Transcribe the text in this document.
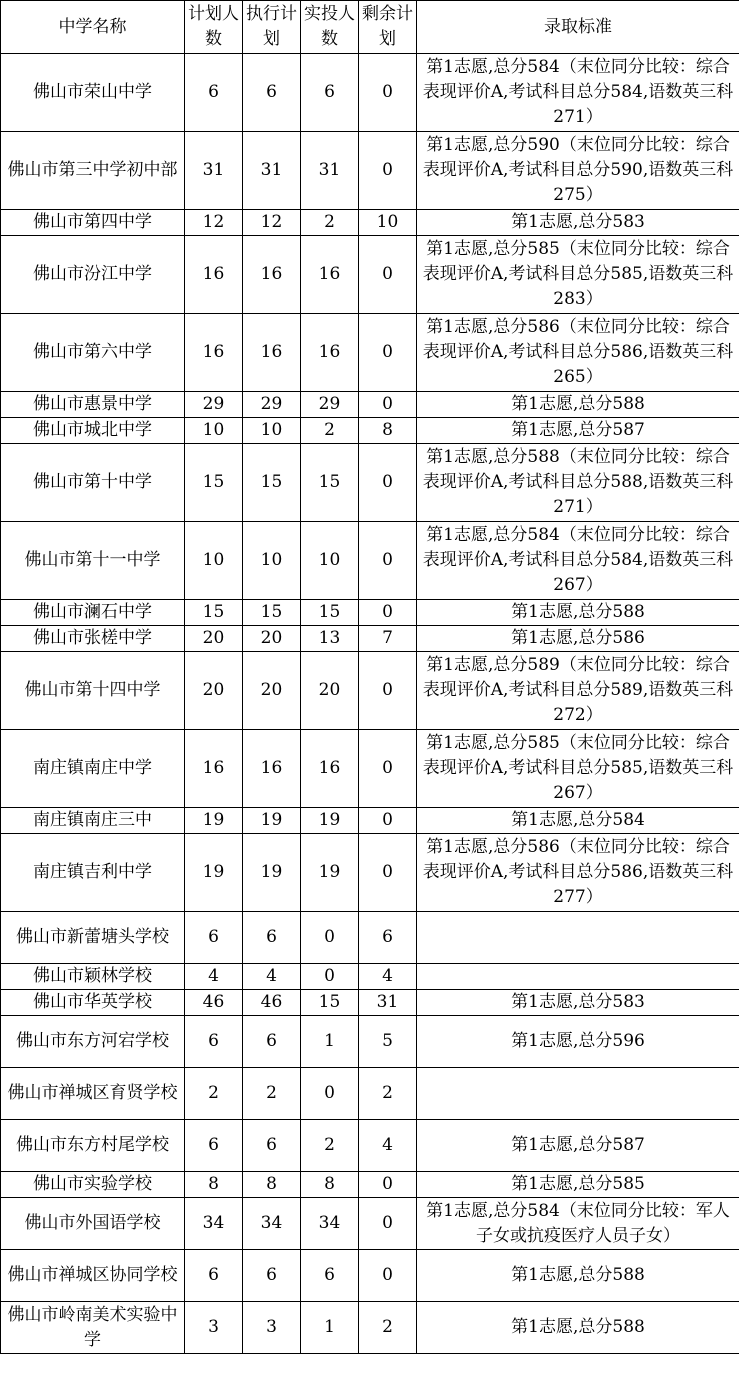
中学名称	计划人数	执行计划	实投人数	剩余计划	录取标准
佛山市荣山中学	6	6	6	0	第1志愿,总分584（末位同分比较：综合表现评价A,考试科目总分584,语数英三科271）
佛山市第三中学初中部	31	31	31	0	第1志愿,总分590（末位同分比较：综合表现评价A,考试科目总分590,语数英三科275）
佛山市第四中学	12	12	2	10	第1志愿,总分583
佛山市汾江中学	16	16	16	0	第1志愿,总分585（末位同分比较：综合表现评价A,考试科目总分585,语数英三科283）
佛山市第六中学	16	16	16	0	第1志愿,总分586（末位同分比较：综合表现评价A,考试科目总分586,语数英三科265）
佛山市惠景中学	29	29	29	0	第1志愿,总分588
佛山市城北中学	10	10	2	8	第1志愿,总分587
佛山市第十中学	15	15	15	0	第1志愿,总分588（末位同分比较：综合表现评价A,考试科目总分588,语数英三科271）
佛山市第十一中学	10	10	10	0	第1志愿,总分584（末位同分比较：综合表现评价A,考试科目总分584,语数英三科267）
佛山市澜石中学	15	15	15	0	第1志愿,总分588
佛山市张槎中学	20	20	13	7	第1志愿,总分586
佛山市第十四中学	20	20	20	0	第1志愿,总分589（末位同分比较：综合表现评价A,考试科目总分589,语数英三科272）
南庄镇南庄中学	16	16	16	0	第1志愿,总分585（末位同分比较：综合表现评价A,考试科目总分585,语数英三科267）
南庄镇南庄三中	19	19	19	0	第1志愿,总分584
南庄镇吉利中学	19	19	19	0	第1志愿,总分586（末位同分比较：综合表现评价A,考试科目总分586,语数英三科277）
佛山市新蕾塘头学校	6	6	0	6	
佛山市颖林学校	4	4	0	4	
佛山市华英学校	46	46	15	31	第1志愿,总分583
佛山市东方河宕学校	6	6	1	5	第1志愿,总分596
佛山市禅城区育贤学校	2	2	0	2	
佛山市东方村尾学校	6	6	2	4	第1志愿,总分587
佛山市实验学校	8	8	8	0	第1志愿,总分585
佛山市外国语学校	34	34	34	0	第1志愿,总分584（末位同分比较：军人子女或抗疫医疗人员子女）
佛山市禅城区协同学校	6	6	6	0	第1志愿,总分588
佛山市岭南美术实验中学	3	3	1	2	第1志愿,总分588
